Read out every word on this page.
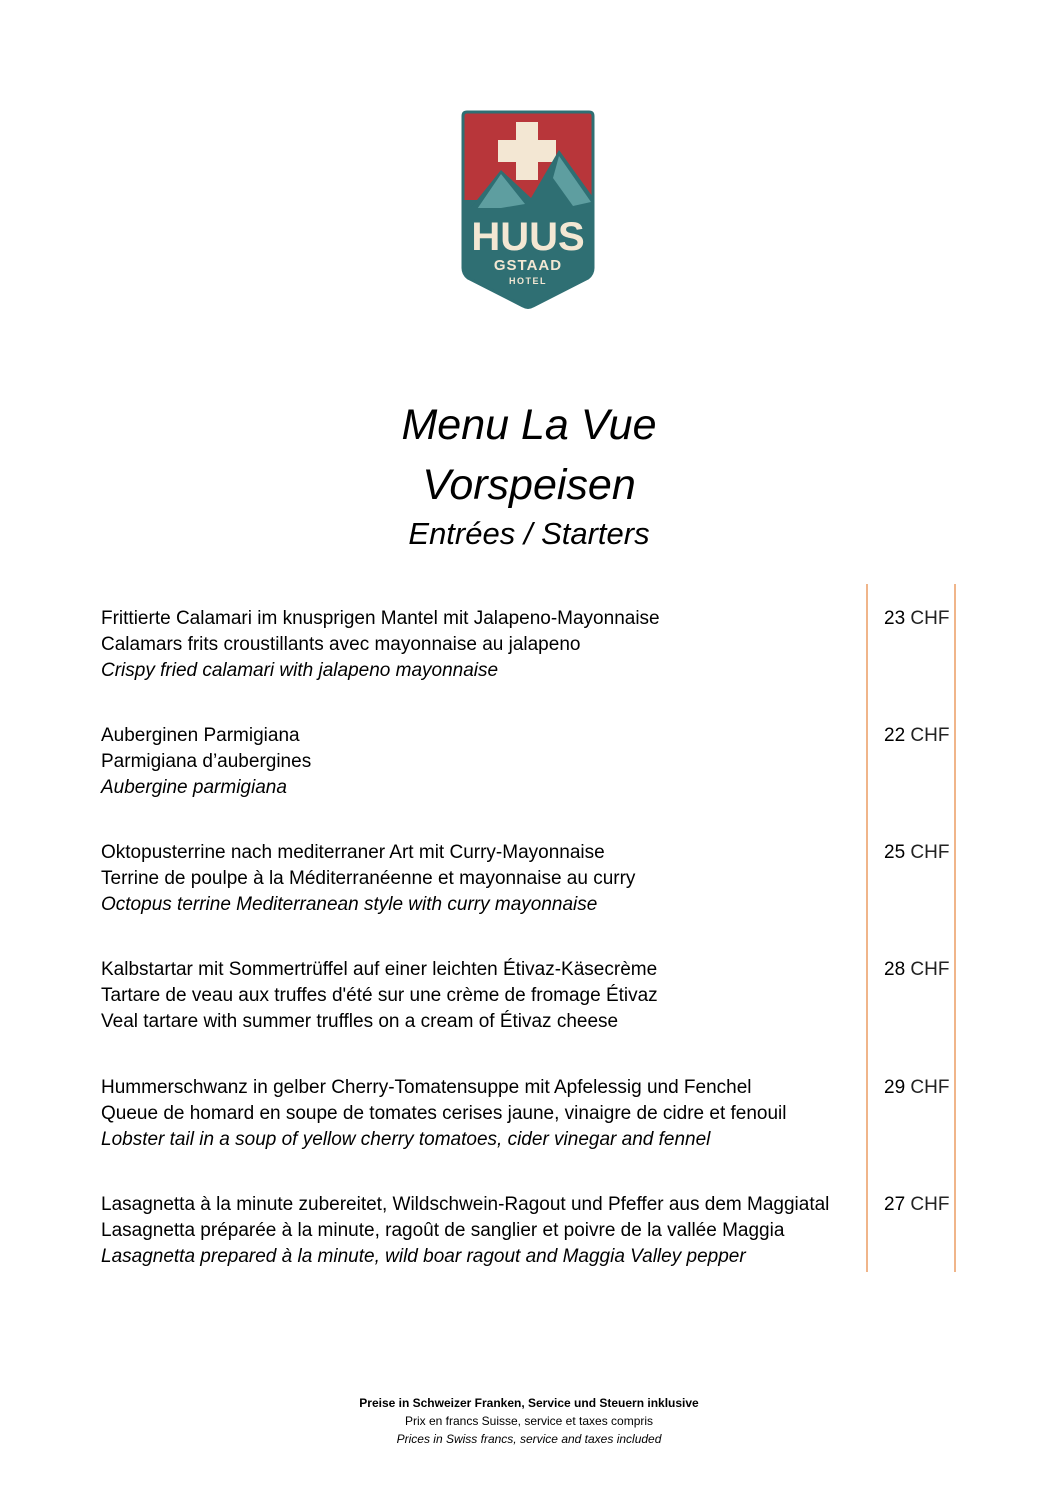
HUUS
GSTAAD
HOTEL
Menu La Vue
Vorspeisen
Entrées / Starters
Frittierte Calamari im knusprigen Mantel mit Jalapeno-Mayonnaise
Calamars frits croustillants avec mayonnaise au jalapeno
Crispy fried calamari with jalapeno mayonnaise
23 CHF
Auberginen Parmigiana
Parmigiana d’aubergines
Aubergine parmigiana
22 CHF
Oktopusterrine nach mediterraner Art mit Curry-Mayonnaise
Terrine de poulpe à la Méditerranéenne et mayonnaise au curry
Octopus terrine Mediterranean style with curry mayonnaise
25 CHF
Kalbstartar mit Sommertrüffel auf einer leichten Étivaz-Käsecrème
Tartare de veau aux truffes d'été sur une crème de fromage Étivaz
Veal tartare with summer truffles on a cream of Étivaz cheese
28 CHF
Hummerschwanz in gelber Cherry-Tomatensuppe mit Apfelessig und Fenchel
Queue de homard en soupe de tomates cerises jaune, vinaigre de cidre et fenouil
Lobster tail in a soup of yellow cherry tomatoes, cider vinegar and fennel
29 CHF
Lasagnetta à la minute zubereitet, Wildschwein-Ragout und Pfeffer aus dem Maggiatal
Lasagnetta préparée à la minute, ragoût de sanglier et poivre de la vallée Maggia
Lasagnetta prepared à la minute, wild boar ragout and Maggia Valley pepper
27 CHF
Preise in Schweizer Franken, Service und Steuern inklusive
Prix en francs Suisse, service et taxes compris
Prices in Swiss francs, service and taxes included
